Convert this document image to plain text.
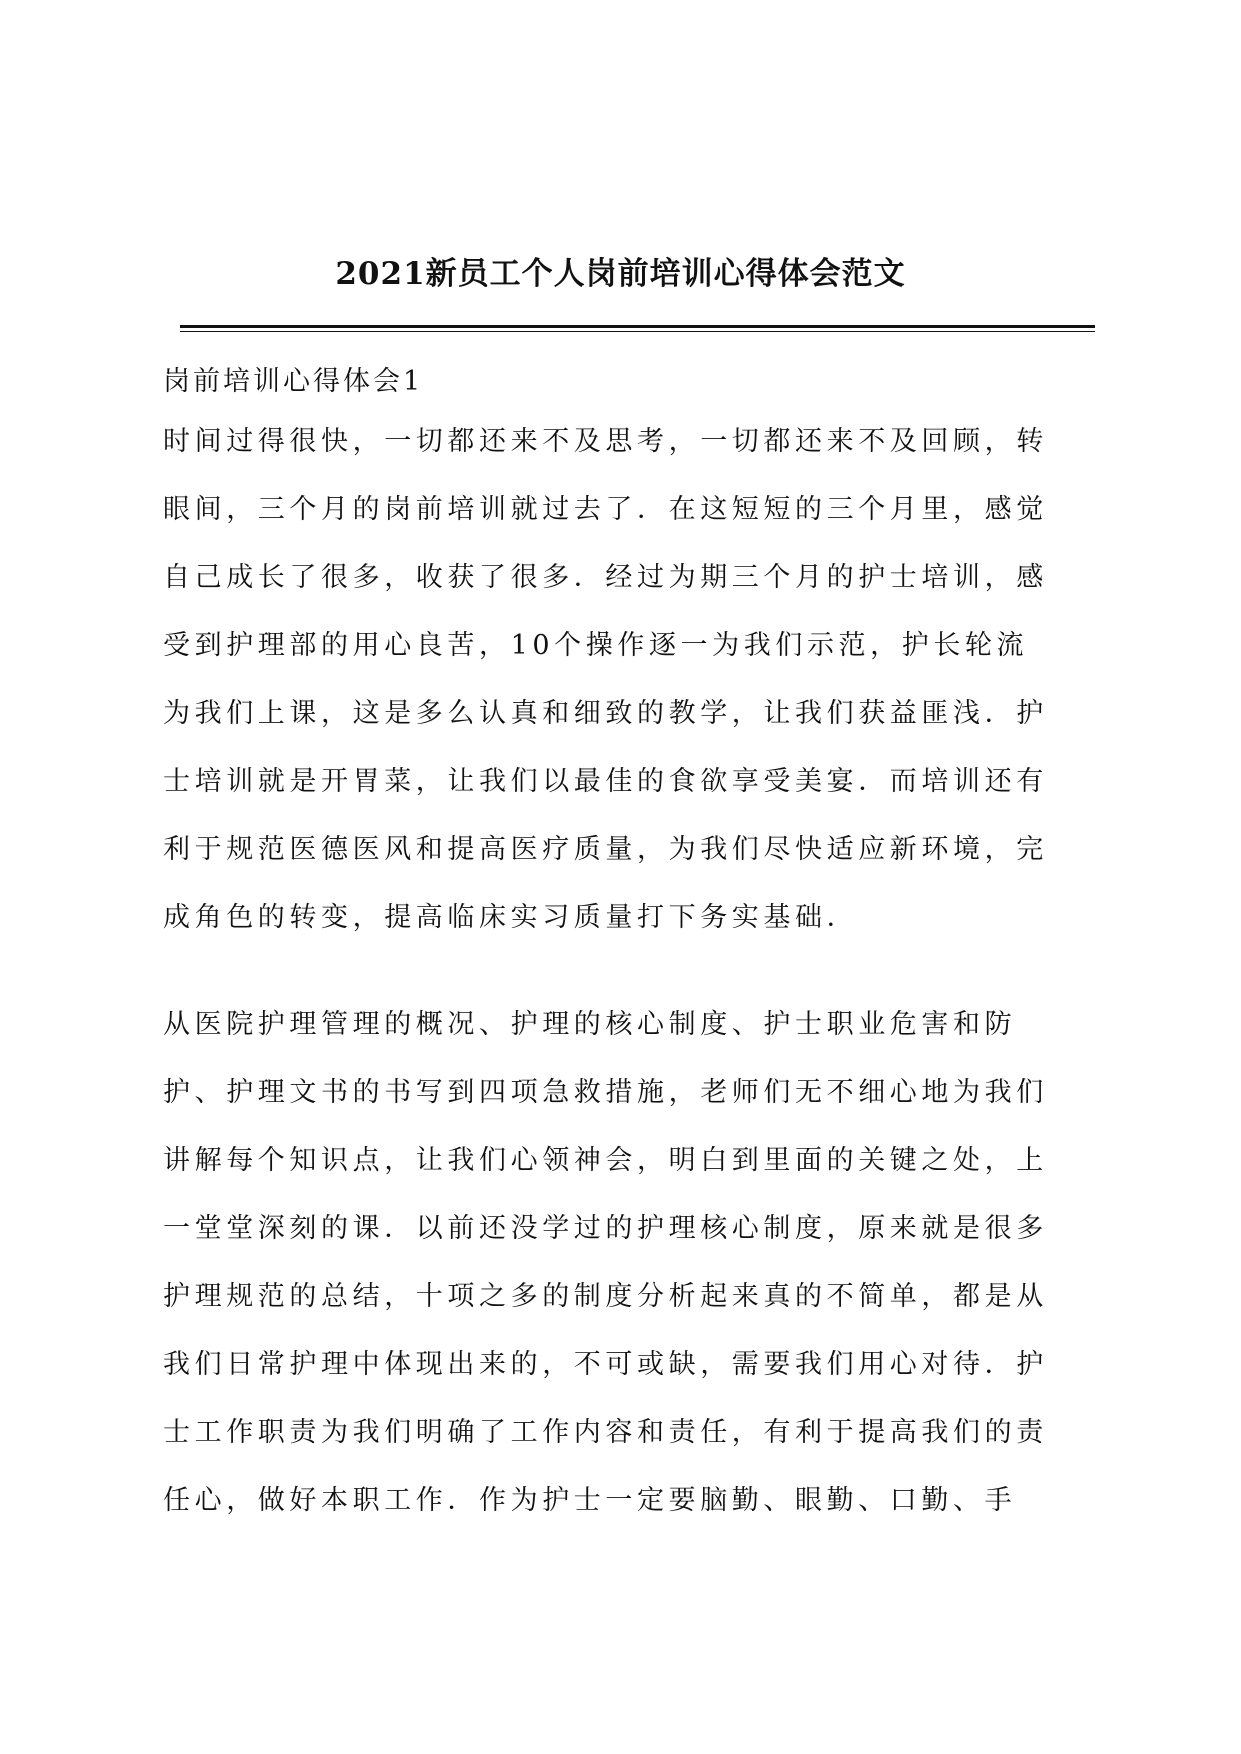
2021新员工个人岗前培训心得体会范文

岗前培训心得体会1

时间过得很快，一切都还来不及思考，一切都还来不及回顾，转
眼间，三个月的岗前培训就过去了．在这短短的三个月里，感觉
自己成长了很多，收获了很多．经过为期三个月的护士培训，感
受到护理部的用心良苦，10个操作逐一为我们示范，护长轮流
为我们上课，这是多么认真和细致的教学，让我们获益匪浅．护
士培训就是开胃菜，让我们以最佳的食欲享受美宴．而培训还有
利于规范医德医风和提高医疗质量，为我们尽快适应新环境，完
成角色的转变，提高临床实习质量打下务实基础．
从医院护理管理的概况、护理的核心制度、护士职业危害和防
护、护理文书的书写到四项急救措施，老师们无不细心地为我们
讲解每个知识点，让我们心领神会，明白到里面的关键之处，上
一堂堂深刻的课．以前还没学过的护理核心制度，原来就是很多
护理规范的总结，十项之多的制度分析起来真的不简单，都是从
我们日常护理中体现出来的，不可或缺，需要我们用心对待．护
士工作职责为我们明确了工作内容和责任，有利于提高我们的责
任心，做好本职工作．作为护士一定要脑勤、眼勤、口勤、手
